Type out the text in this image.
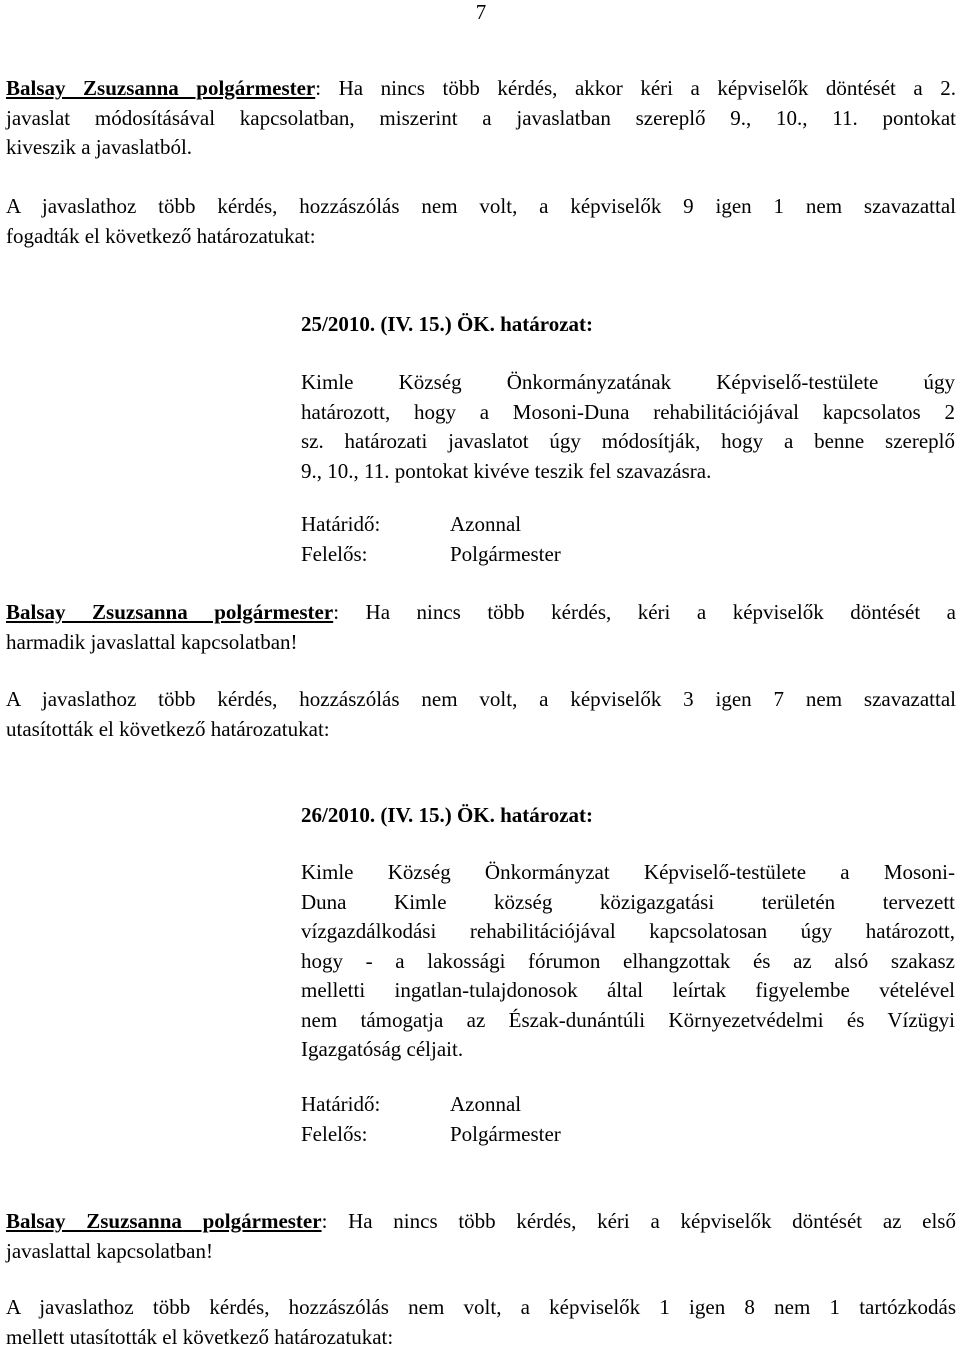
7
Balsay Zsuzsanna polgármester: Ha nincs több kérdés, akkor kéri a képviselők döntését a 2.
javaslat módosításával kapcsolatban, miszerint a javaslatban szereplő 9., 10., 11. pontokat
kiveszik a javaslatból.
A javaslathoz több kérdés, hozzászólás nem volt, a képviselők 9 igen 1 nem szavazattal
fogadták el következő határozatukat:
25/2010. (IV. 15.) ÖK. határozat:
Kimle Község Önkormányzatának Képviselő-testülete úgy
határozott, hogy a Mosoni-Duna rehabilitációjával kapcsolatos 2
sz. határozati javaslatot úgy módosítják, hogy a benne szereplő
9., 10., 11. pontokat kivéve teszik fel szavazásra.
Határidő:	Azonnal
Felelős:	Polgármester
Balsay Zsuzsanna polgármester: Ha nincs több kérdés, kéri a képviselők döntését a
harmadik javaslattal kapcsolatban!
A javaslathoz több kérdés, hozzászólás nem volt, a képviselők 3 igen 7 nem szavazattal
utasították el következő határozatukat:
26/2010. (IV. 15.) ÖK. határozat:
Kimle Község Önkormányzat Képviselő-testülete a Mosoni-
Duna Kimle község közigazgatási területén tervezett
vízgazdálkodási rehabilitációjával kapcsolatosan úgy határozott,
hogy - a lakossági fórumon elhangzottak és az alsó szakasz
melletti ingatlan-tulajdonosok által leírtak figyelembe vételével
nem támogatja az Észak-dunántúli Környezetvédelmi és Vízügyi
Igazgatóság céljait.
Határidő:	Azonnal
Felelős:	Polgármester
Balsay Zsuzsanna polgármester: Ha nincs több kérdés, kéri a képviselők döntését az első
javaslattal kapcsolatban!
A javaslathoz több kérdés, hozzászólás nem volt, a képviselők 1 igen 8 nem 1 tartózkodás
mellett utasították el következő határozatukat:
